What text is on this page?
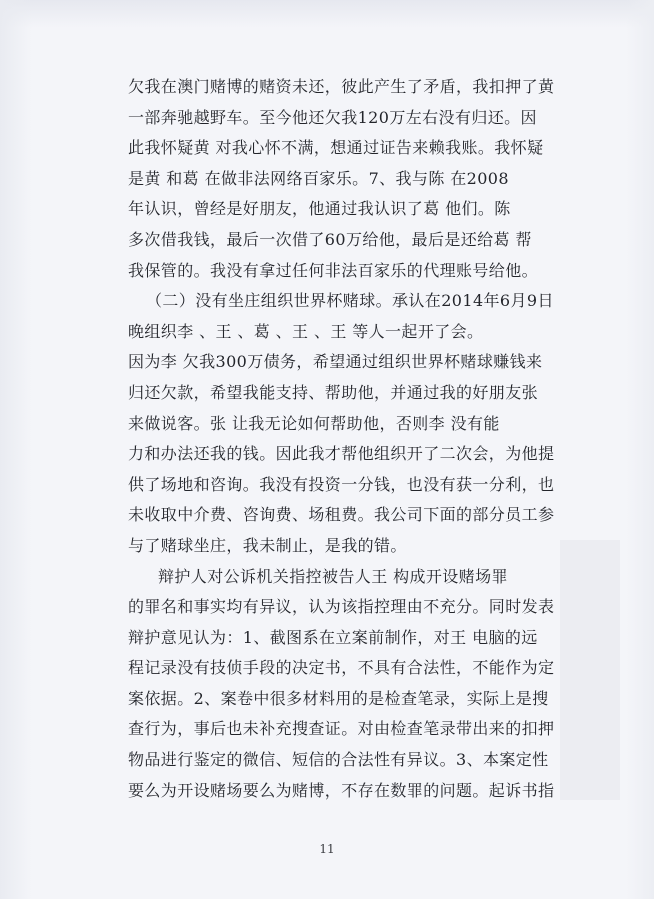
欠我在澳门赌博的赌资未还，彼此产生了矛盾，我扣押了黄
一部奔驰越野车。至今他还欠我120万左右没有归还。因
此我怀疑黄 对我心怀不满，想通过证告来赖我账。我怀疑
是黄 和葛 在做非法网络百家乐。7、我与陈 在2008
年认识，曾经是好朋友，他通过我认识了葛 他们。陈
多次借我钱，最后一次借了60万给他，最后是还给葛 帮
我保管的。我没有拿过任何非法百家乐的代理账号给他。
（二）没有坐庄组织世界杯赌球。承认在2014年6月9日
晚组织李 、王 、葛 、王 、王 等人一起开了会。
因为李 欠我300万债务，希望通过组织世界杯赌球赚钱来
归还欠款，希望我能支持、帮助他，并通过我的好朋友张
来做说客。张 让我无论如何帮助他，否则李 没有能
力和办法还我的钱。因此我才帮他组织开了二次会，为他提
供了场地和咨询。我没有投资一分钱，也没有获一分利，也
未收取中介费、咨询费、场租费。我公司下面的部分员工参
与了赌球坐庄，我未制止，是我的错。
辩护人对公诉机关指控被告人王 构成开设赌场罪
的罪名和事实均有异议，认为该指控理由不充分。同时发表
辩护意见认为：1、截图系在立案前制作，对王 电脑的远
程记录没有技侦手段的决定书，不具有合法性，不能作为定
案依据。2、案卷中很多材料用的是检查笔录，实际上是搜
查行为，事后也未补充搜查证。对由检查笔录带出来的扣押
物品进行鉴定的微信、短信的合法性有异议。3、本案定性
要么为开设赌场要么为赌博，不存在数罪的问题。起诉书指
11
